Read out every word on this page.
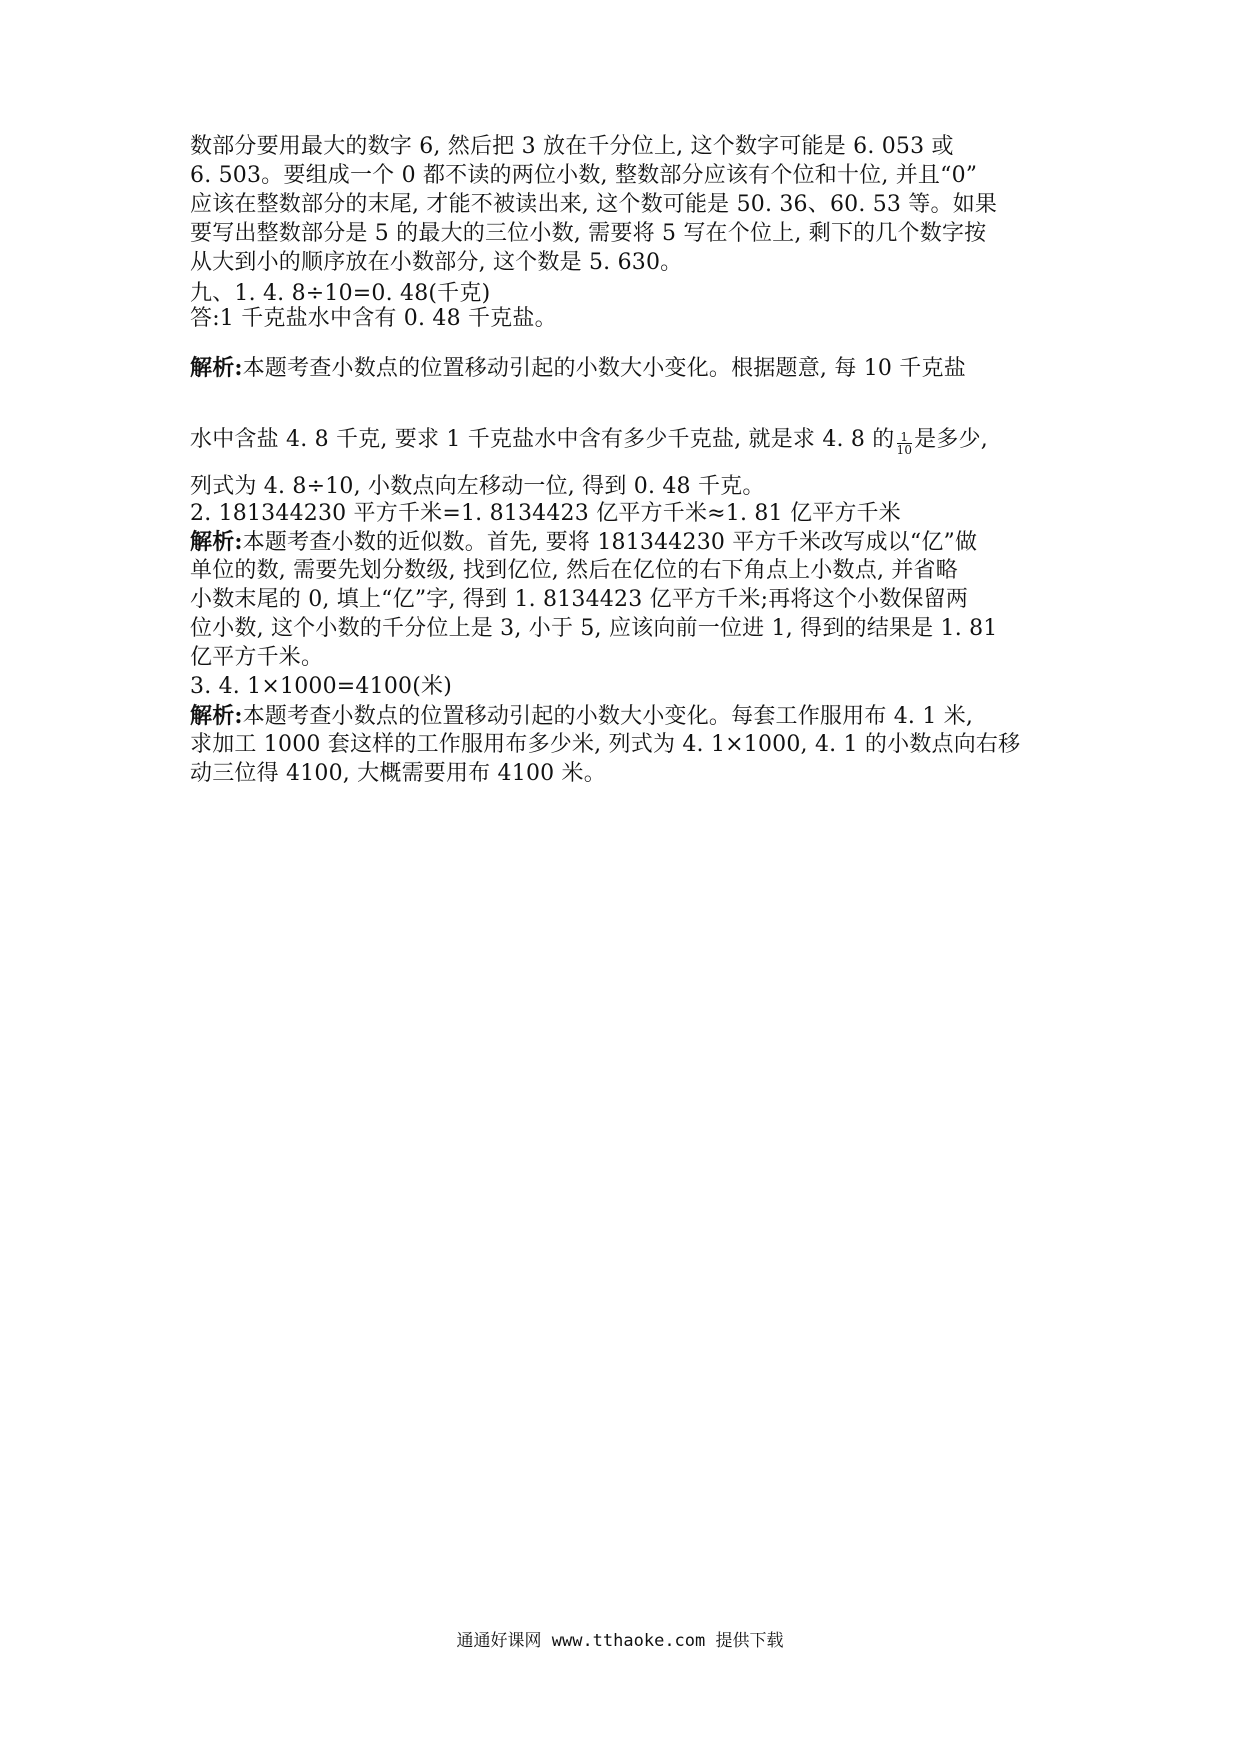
数部分要用最大的数字 6, 然后把 3 放在千分位上, 这个数字可能是 6. 053 或
6. 503。要组成一个 0 都不读的两位小数, 整数部分应该有个位和十位, 并且“0”
应该在整数部分的末尾, 才能不被读出来, 这个数可能是 50. 36、60. 53 等。如果
要写出整数部分是 5 的最大的三位小数, 需要将 5 写在个位上, 剩下的几个数字按
从大到小的顺序放在小数部分, 这个数是 5. 630。
九、1. 4. 8÷10=0. 48(千克)
答:1 千克盐水中含有 0. 48 千克盐。
解析:本题考查小数点的位置移动引起的小数大小变化。根据题意, 每 10 千克盐
水中含盐 4. 8 千克, 要求 1 千克盐水中含有多少千克盐, 就是求 4. 8 的 $\frac{1}{10}$ 是多少,
列式为 4. 8÷10, 小数点向左移动一位, 得到 0. 48 千克。
2. 181344230 平方千米=1. 8134423 亿平方千米≈1. 81 亿平方千米
解析:本题考查小数的近似数。首先, 要将 181344230 平方千米改写成以“亿”做
单位的数, 需要先划分数级, 找到亿位, 然后在亿位的右下角点上小数点, 并省略
小数末尾的 0, 填上“亿”字, 得到 1. 8134423 亿平方千米;再将这个小数保留两
位小数, 这个小数的千分位上是 3, 小于 5, 应该向前一位进 1, 得到的结果是 1. 81
亿平方千米。
3. 4. 1×1000=4100(米)
解析:本题考查小数点的位置移动引起的小数大小变化。每套工作服用布 4. 1 米,
求加工 1000 套这样的工作服用布多少米, 列式为 4. 1×1000, 4. 1 的小数点向右移
动三位得 4100, 大概需要用布 4100 米。
通通好课网 www.tthaoke.com 提供下载
